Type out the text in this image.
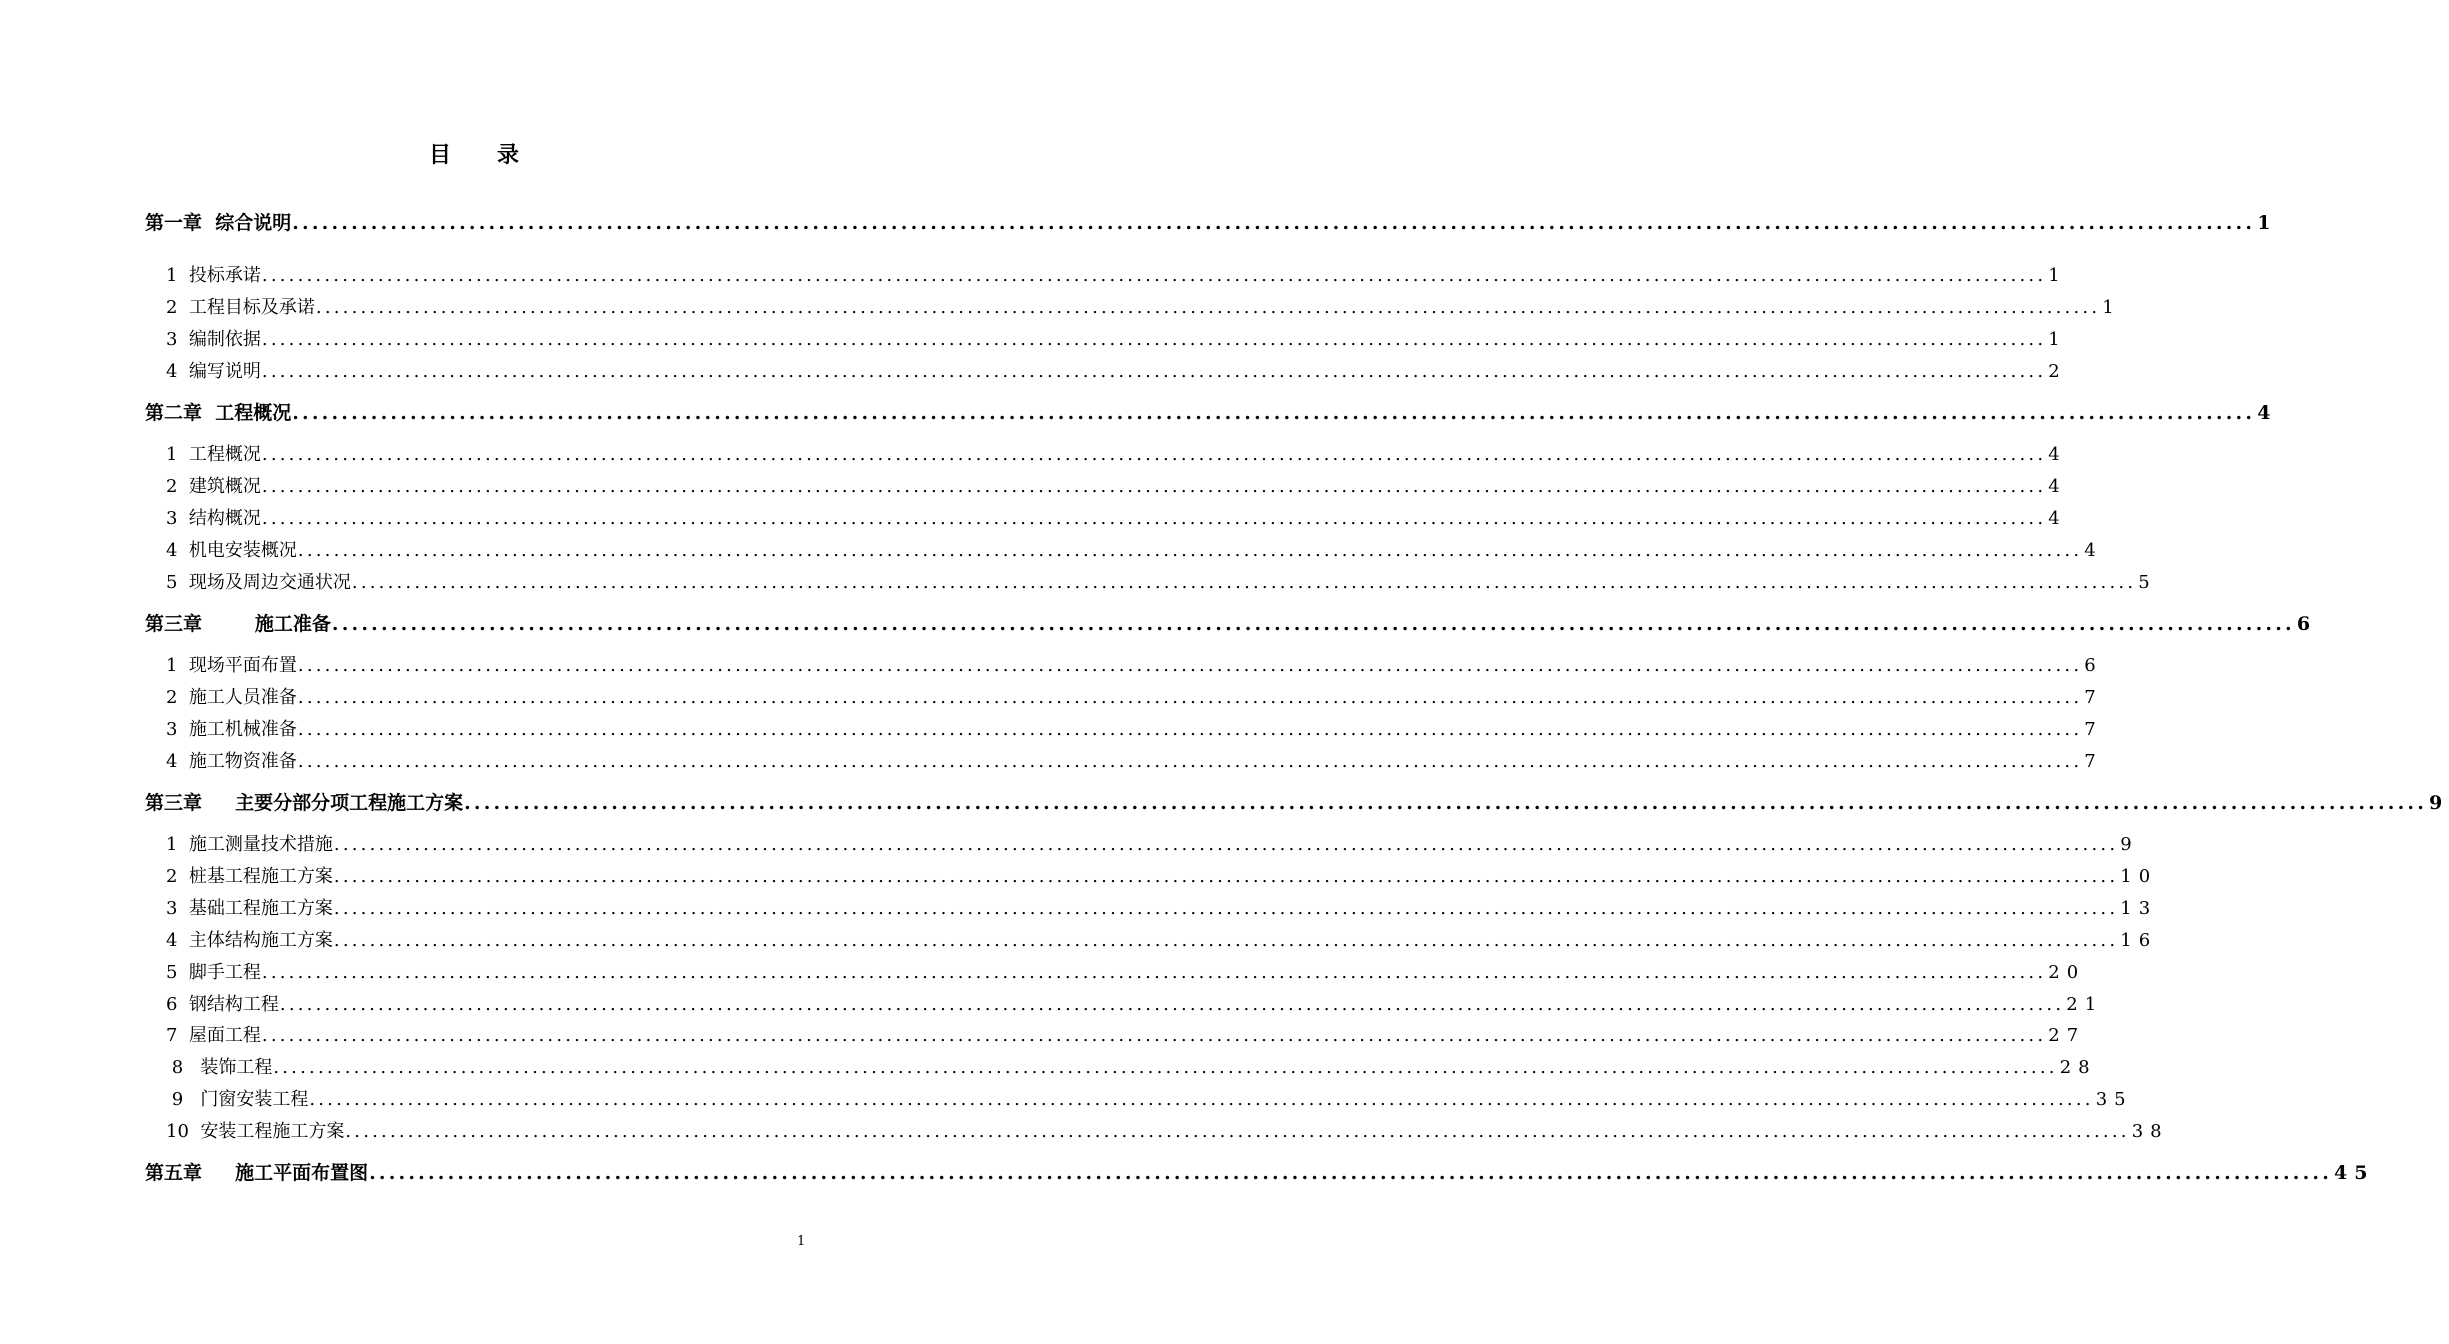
目 录
第一章  综合说明 ........................................................................................................................................................................................................ 1
1  投标承诺 ........................................................................................................................................................................................................ 1
2  工程目标及承诺 ........................................................................................................................................................................................................ 1
3  编制依据 ........................................................................................................................................................................................................ 1
4  编写说明 ........................................................................................................................................................................................................ 2
第二章  工程概况 ........................................................................................................................................................................................................ 4
1  工程概况 ........................................................................................................................................................................................................ 4
2  建筑概况 ........................................................................................................................................................................................................ 4
3  结构概况 ........................................................................................................................................................................................................ 4
4  机电安装概况 ........................................................................................................................................................................................................ 4
5  现场及周边交通状况 ........................................................................................................................................................................................................ 5
第三章        施工准备 ........................................................................................................................................................................................................ 6
1  现场平面布置 ........................................................................................................................................................................................................ 6
2  施工人员准备 ........................................................................................................................................................................................................ 7
3  施工机械准备 ........................................................................................................................................................................................................ 7
4  施工物资准备 ........................................................................................................................................................................................................ 7
第三章     主要分部分项工程施工方案 ........................................................................................................................................................................................................ 9
1  施工测量技术措施 ........................................................................................................................................................................................................ 9
2  桩基工程施工方案 ........................................................................................................................................................................................................ 10
3  基础工程施工方案 ........................................................................................................................................................................................................ 13
4  主体结构施工方案 ........................................................................................................................................................................................................ 16
5  脚手工程 ........................................................................................................................................................................................................ 20
6  钢结构工程 ........................................................................................................................................................................................................ 21
7  屋面工程 ........................................................................................................................................................................................................ 27
8   装饰工程 ........................................................................................................................................................................................................ 28
9   门窗安装工程 ........................................................................................................................................................................................................ 35
10  安装工程施工方案 ........................................................................................................................................................................................................ 38
第五章     施工平面布置图 ........................................................................................................................................................................................................ 45
1
